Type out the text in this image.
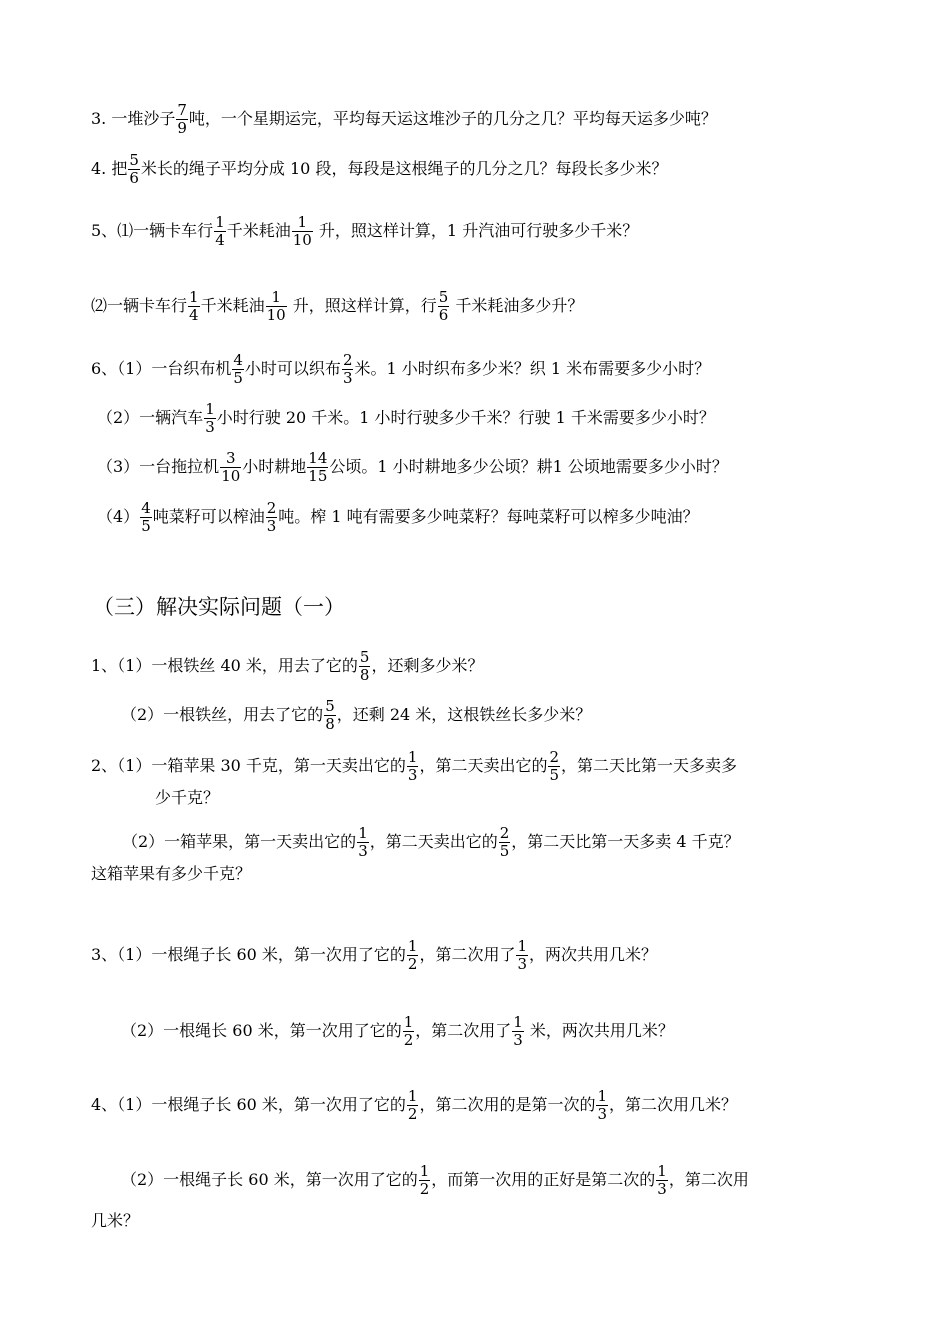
3. 一堆沙子 $\frac{7}{9}$ 吨，一个星期运完，平均每天运这堆沙子的几分之几？平均每天运多少吨？
4. 把 $\frac{5}{6}$ 米长的绳子平均分成 10 段，每段是这根绳子的几分之几？每段长多少米？
5、⑴一辆卡车行 $\frac{1}{4}$ 千米耗油 $\frac{1}{10}$ 升，照这样计算，1 升汽油可行驶多少千米？
⑵一辆卡车行 $\frac{1}{4}$ 千米耗油 $\frac{1}{10}$ 升，照这样计算，行 $\frac{5}{6}$ 千米耗油多少升？
6、（1）一台织布机 $\frac{4}{5}$ 小时可以织布 $\frac{2}{3}$ 米。1 小时织布多少米？织 1 米布需要多少小时？
（2）一辆汽车 $\frac{1}{3}$ 小时行驶 20 千米。1 小时行驶多少千米？行驶 1 千米需要多少小时？
（3）一台拖拉机 $\frac{3}{10}$ 小时耕地 $\frac{14}{15}$ 公顷。1 小时耕地多少公顷？耕1 公顷地需要多少小时？
$(4) \frac{4}{5}$ 吨菜籽可以榨油 $\frac{2}{3}$ 吨。榨 1 吨有需要多少吨菜籽？每吨菜籽可以榨多少吨油？
（三）解决实际问题（一）
1、（1）一根铁丝 40 米，用去了它的 $\frac{5}{8}$ ，还剩多少米？
（2）一根铁丝，用去了它的 $\frac{5}{8}$ ，还剩 24 米，这根铁丝长多少米？
2、（1）一箱苹果 30 千克，第一天卖出它的 $\frac{1}{3}$ ，第二天卖出它的 $\frac{2}{5}$ ，第二天比第一天多卖多
少千克？
（2）一箱苹果，第一天卖出它的 $\frac{1}{3}$ ，第二天卖出它的 $\frac{2}{5}$ ，第二天比第一天多卖 4 千克？
这箱苹果有多少千克？
3、（1）一根绳子长 60 米，第一次用了它的 $\frac{1}{2}$ ，第二次用了 $\frac{1}{3}$ ，两次共用几米？
（2）一根绳长 60 米，第一次用了它的 $\frac{1}{2}$ ，第二次用了 $\frac{1}{3}$ 米，两次共用几米？
4、（1）一根绳子长 60 米，第一次用了它的 $\frac{1}{2}$ ，第二次用的是第一次的 $\frac{1}{3}$ ，第二次用几米？
（2）一根绳子长 60 米，第一次用了它的 $\frac{1}{2}$ ，而第一次用的正好是第二次的 $\frac{1}{3}$ ，第二次用
几米？
